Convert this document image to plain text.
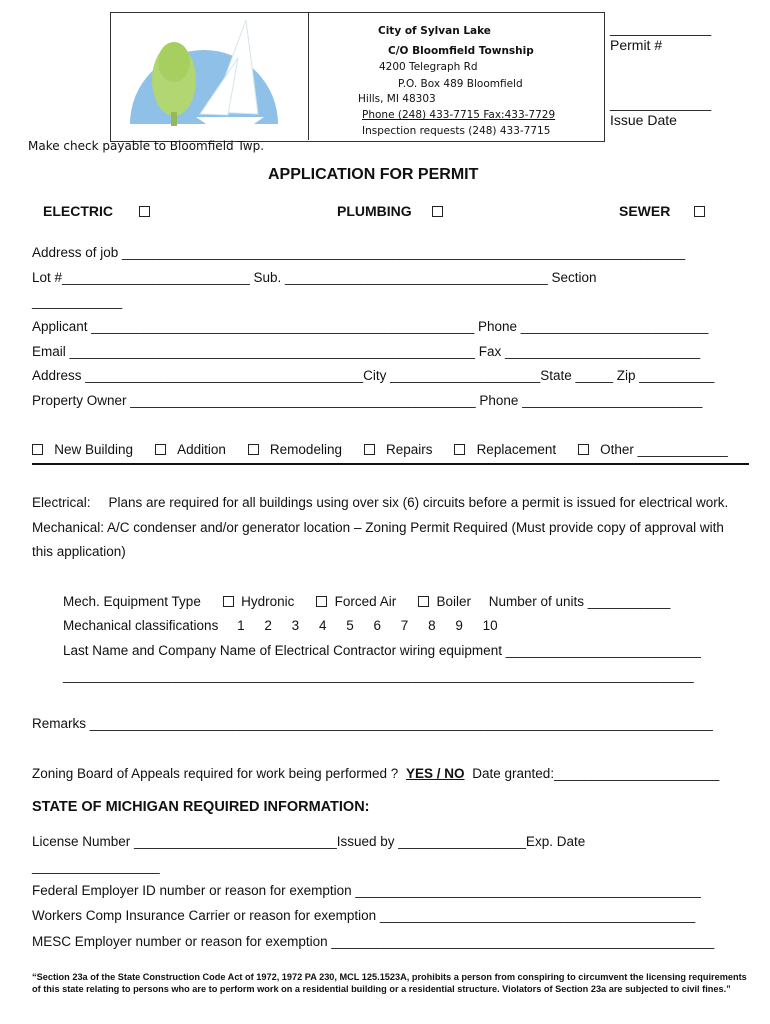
City of Sylvan Lake
C/O Bloomfield Township
4200 Telegraph Rd
P.O. Box 489 Bloomfield
Hills, MI 48303
Phone (248) 433-7715 Fax:433-7729
Inspection requests (248) 433-7715
_____________
Permit #
_____________
Issue Date
Make check payable to Bloomfield Twp.
APPLICATION FOR PERMIT
ELECTRIC	PLUMBING	SEWER
Address of job ___________________________________________________________________________
Lot #_________________________ Sub. ___________________________________ Section
____________
Applicant ___________________________________________________ Phone _________________________
Email ______________________________________________________ Fax __________________________
Address _____________________________________City ____________________State _____ Zip __________
Property Owner ______________________________________________ Phone ________________________
New Building	Addition	Remodeling	Repairs	Replacement	Other ____________
Electrical: Plans are required for all buildings using over six (6) circuits before a permit is issued for electrical work.
Mechanical: A/C condenser and/or generator location – Zoning Permit Required (Must provide copy of approval with
this application)
Mech. Equipment Type	Hydronic	Forced Air	Boiler Number of units ___________
Mechanical classifications 1 2 3 4 5 6 7 8 9 10
Last Name and Company Name of Electrical Contractor wiring equipment __________________________
____________________________________________________________________________________
Remarks ___________________________________________________________________________________
Zoning Board of Appeals required for work being performed ? YES / NO Date granted:______________________
STATE OF MICHIGAN REQUIRED INFORMATION:
License Number ___________________________Issued by _________________Exp. Date
_________________
Federal Employer ID number or reason for exemption ______________________________________________
Workers Comp Insurance Carrier or reason for exemption __________________________________________
MESC Employer number or reason for exemption ___________________________________________________
“Section 23a of the State Construction Code Act of 1972, 1972 PA 230, MCL 125.1523A, prohibits a person from conspiring to circumvent the licensing requirements of this state relating to persons who are to perform work on a residential building or a residential structure. Violators of Section 23a are subjected to civil fines.”
